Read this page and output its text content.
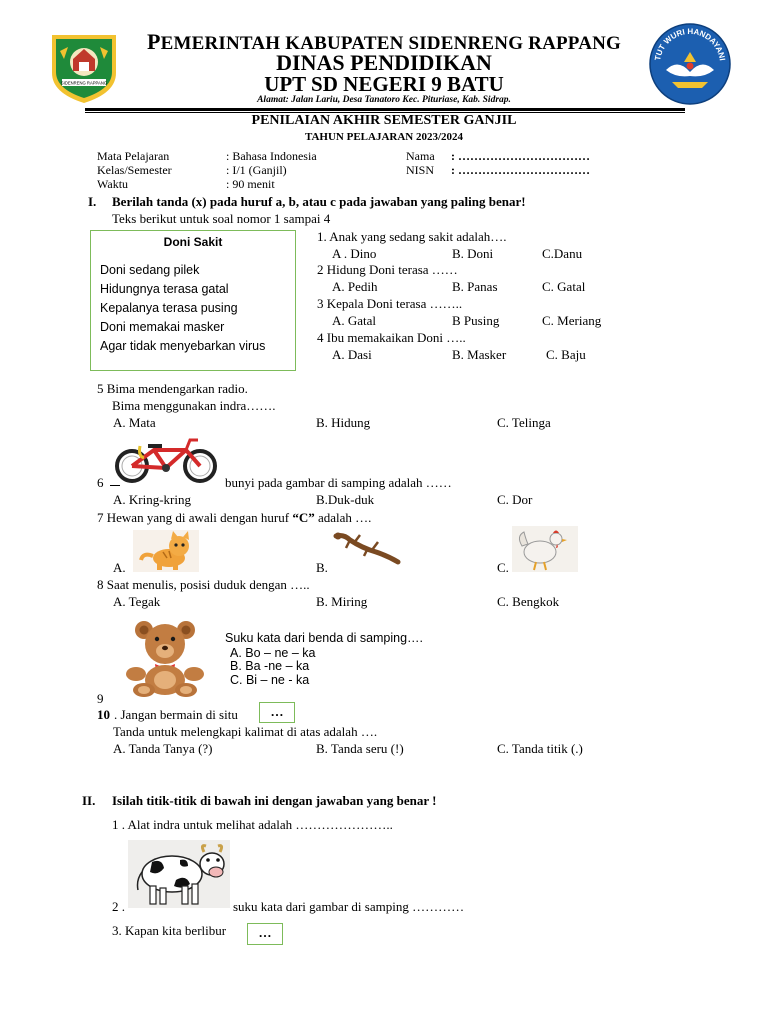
SIDENRENG RAPPANG
TUT WURI HANDAYANI
PEMERINTAH KABUPATEN SIDENRENG RAPPANG
DINAS PENDIDIKAN
UPT SD NEGERI 9 BATU
Alamat: Jalan Lariu, Desa Tanatoro Kec. Pituriase, Kab. Sidrap.
PENILAIAN AKHIR SEMESTER GANJIL
TAHUN PELAJARAN 2023/2024
Mata Pelajaran	: Bahasa Indonesia
Kelas/Semester	: I/1 (Ganjil)
Waktu	: 90 menit
Nama : ……………………………
NISN : ……………………………
I. Berilah tanda (x) pada huruf a, b, atau c pada jawaban yang paling benar!
Teks berikut untuk soal nomor 1 sampai 4
Doni Sakit
Doni sedang pilek
Hidungnya terasa gatal
Kepalanya terasa pusing
Doni memakai masker
Agar tidak menyebarkan virus
1. Anak yang sedang sakit adalah….
A . Dino	B. Doni	C.Danu
2 Hidung Doni terasa ……
A. Pedih	B. Panas	C. Gatal
3 Kepala Doni terasa ……..
A. Gatal	B Pusing	C. Meriang
4 Ibu memakaikan Doni …..
A. Dasi	B. Masker	C. Baju
5 Bima mendengarkan radio.
Bima menggunakan indra…….
A. Mata	B. Hidung	C. Telinga
6	bunyi pada gambar di samping adalah ……
A. Kring-kring	B.Duk-duk	C. Dor
7 Hewan yang di awali dengan huruf “C” adalah ….
A.	B.	C.
8 Saat menulis, posisi duduk dengan …..
A. Tegak	B. Miring	C. Bengkok
Suku kata dari benda di samping….
A. Bo – ne – ka
B. Ba -ne – ka
C. Bi – ne - ka
9
10 . Jangan bermain di situ	…
Tanda untuk melengkapi kalimat di atas adalah ….
A. Tanda Tanya (?)	B. Tanda seru (!)	C. Tanda titik (.)
II. Isilah titik-titik di bawah ini dengan jawaban yang benar !
1 . Alat indra untuk melihat adalah …………………..
2 .	suku kata dari gambar di samping …………
3. Kapan kita berlibur	…
